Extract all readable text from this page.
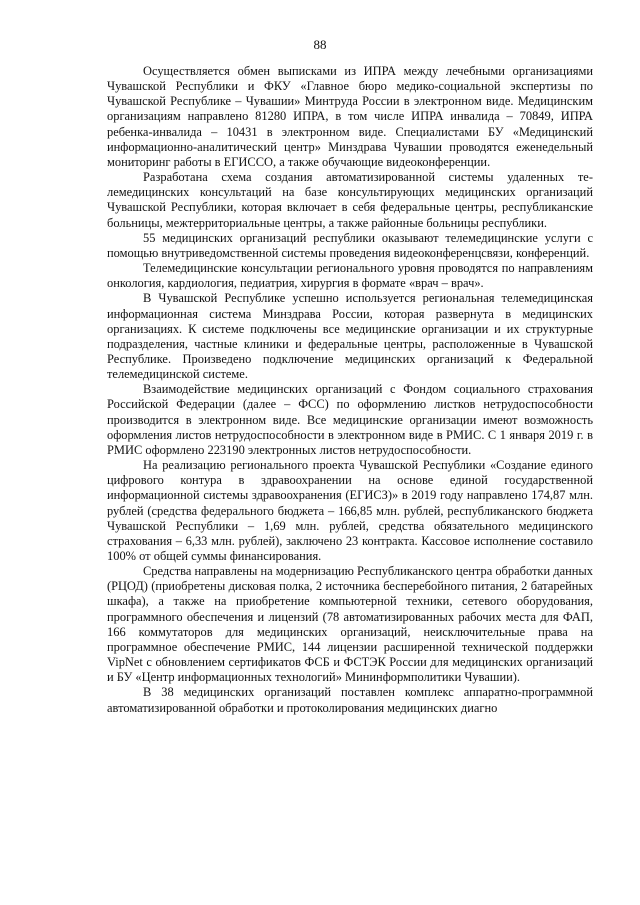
88

Осуществляется обмен выписками из ИПРА между лечебными организациями Чувашской Республики и ФКУ «Главное бюро медико-социальной экспертизы по Чувашской Республике – Чувашии» Минтруда России в электронном виде. Медицинским организациям направлено 81280 ИПРА, в том числе ИПРА инвалида – 70849, ИПРА ребенка-инвалида – 10431 в электронном виде. Специалистами БУ «Медицинский информационно-аналитический центр» Минздрава Чувашии проводятся еженедельный мониторинг работы в ЕГИССО, а также обучающие видеоконференции.

Разработана схема создания автоматизированной системы удаленных телемедицинских консультаций на базе консультирующих медицинских организаций Чувашской Республики, которая включает в себя федеральные центры, республиканские больницы, межтерриториальные центры, а также районные больницы республики.

55 медицинских организаций республики оказывают телемедицинские услуги с помощью внутриведомственной системы проведения видеоконференцсвязи, конференций.

Телемедицинские консультации регионального уровня проводятся по направлениям онкология, кардиология, педиатрия, хирургия в формате «врач – врач».

В Чувашской Республике успешно используется региональная телемедицинская информационная система Минздрава России, которая развернута в медицинских организациях. К системе подключены все медицинские организации и их структурные подразделения, частные клиники и федеральные центры, расположенные в Чувашской Республике. Произведено подключение медицинских организаций к Федеральной телемедицинской системе.

Взаимодействие медицинских организаций с Фондом социального страхования Российской Федерации (далее – ФСС) по оформлению листков нетрудоспособности производится в электронном виде. Все медицинские организации имеют возможность оформления листов нетрудоспособности в электронном виде в РМИС. С 1 января 2019 г. в РМИС оформлено 223190 электронных листов нетрудоспособности.

На реализацию регионального проекта Чувашской Республики «Создание единого цифрового контура в здравоохранении на основе единой государственной информационной системы здравоохранения (ЕГИСЗ)» в 2019 году направлено 174,87 млн. рублей (средства федерального бюджета – 166,85 млн. рублей, республиканского бюджета Чувашской Республики – 1,69 млн. рублей, средства обязательного медицинского страхования – 6,33 млн. рублей), заключено 23 контракта. Кассовое исполнение составило 100% от общей суммы финансирования.

Средства направлены на модернизацию Республиканского центра обработки данных (РЦОД) (приобретены дисковая полка, 2 источника бесперебойного питания, 2 батарейных шкафа), а также на приобретение компьютерной техники, сетевого оборудования, программного обеспечения и лицензий (78 автоматизированных рабочих места для ФАП, 166 коммутаторов для медицинских организаций, неисключительные права на программное обеспечение РМИС, 144 лицензии расширенной технической поддержки VipNet с обновлением сертификатов ФСБ и ФСТЭК России для медицинских организаций и БУ «Центр информационных технологий» Мининформполитики Чувашии).

В 38 медицинских организаций поставлен комплекс аппаратно-программной автоматизированной обработки и протоколирования медицинских диагно
